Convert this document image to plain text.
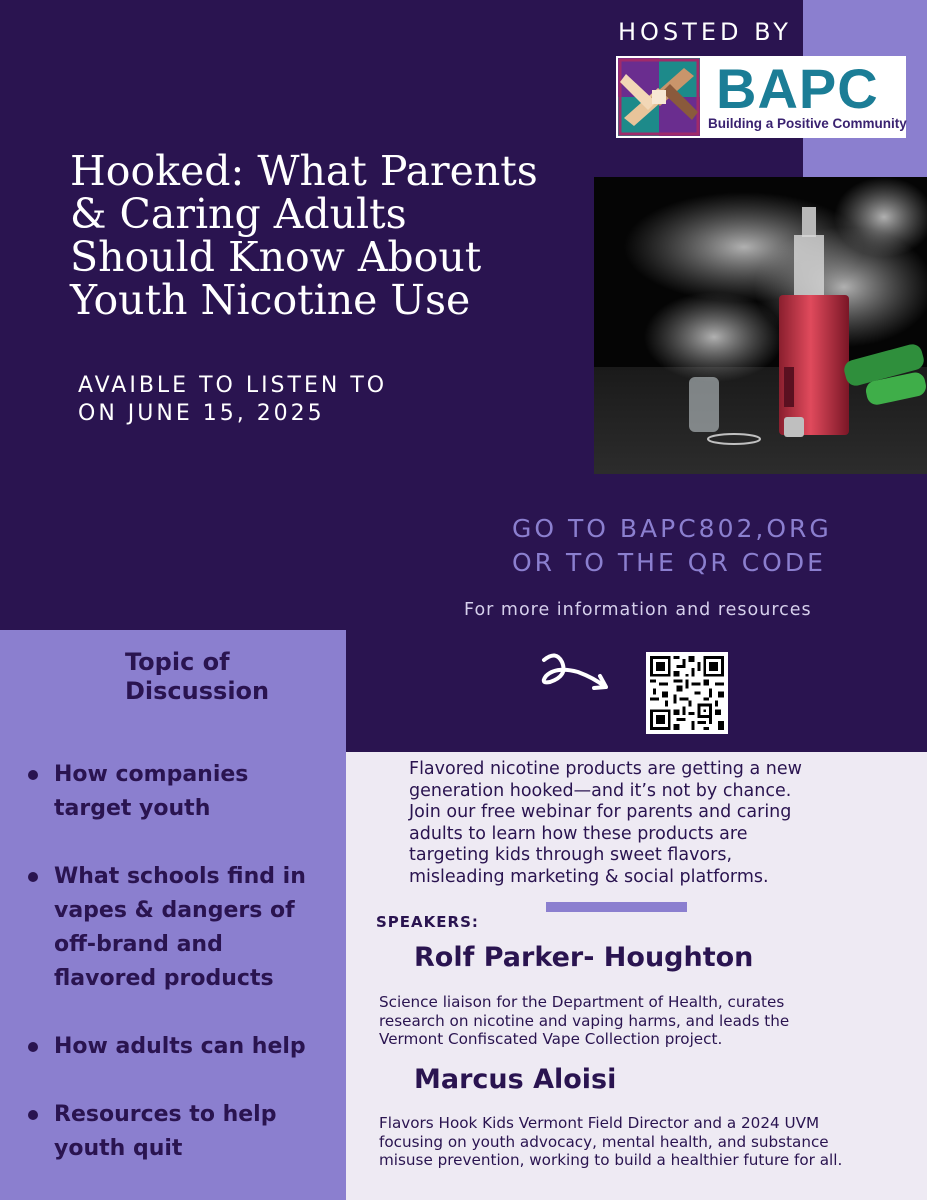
HOSTED BY
BAPC
Building a Positive Community
Hooked: What Parents
& Caring Adults
Should Know About
Youth Nicotine Use
AVAIBLE TO LISTEN TO
ON JUNE 15, 2025
GO TO BAPC802,ORG
OR TO THE QR CODE
For more information and resources
Topic of
Discussion
How companies
target youth
What schools find in
vapes & dangers of
off-brand and
flavored products
How adults can help
Resources to help
youth quit
Flavored nicotine products are getting a new
generation hooked—and it’s not by chance.
Join our free webinar for parents and caring
adults to learn how these products are
targeting kids through sweet flavors,
misleading marketing & social platforms.
SPEAKERS:
Rolf Parker- Houghton
Science liaison for the Department of Health, curates
research on nicotine and vaping harms, and leads the
Vermont Confiscated Vape Collection project.
Marcus Aloisi
Flavors Hook Kids Vermont Field Director and a 2024 UVM
focusing on youth advocacy, mental health, and substance
misuse prevention, working to build a healthier future for all.
